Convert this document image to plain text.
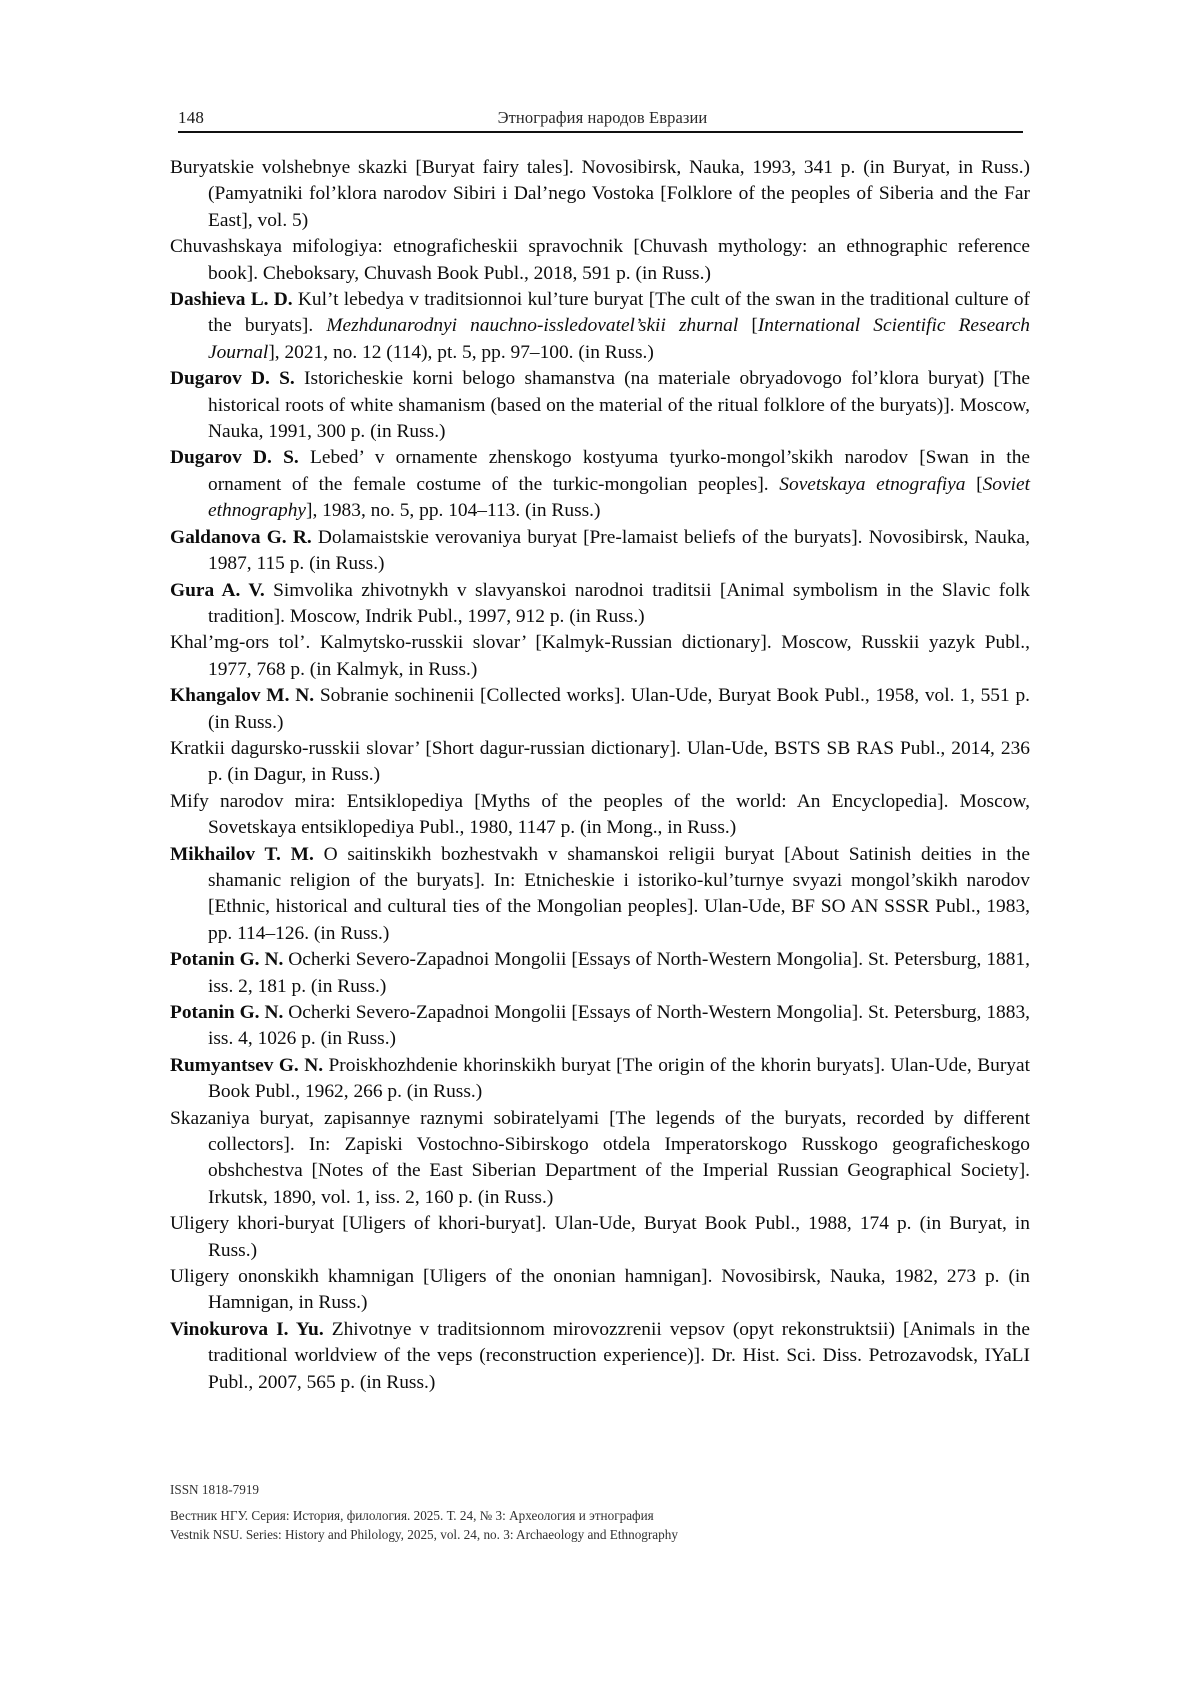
148	Этнография народов Евразии

Buryatskie volshebnye skazki [Buryat fairy tales]. Novosibirsk, Nauka, 1993, 341 p. (in Buryat, in Russ.) (Pamyatniki fol’klora narodov Sibiri i Dal’nego Vostoka [Folklore of the peoples of Siberia and the Far East], vol. 5)

Chuvashskaya mifologiya: etnograficheskii spravochnik [Chuvash mythology: an ethnographic reference book]. Cheboksary, Chuvash Book Publ., 2018, 591 p. (in Russ.)

Dashieva L. D. Kul’t lebedya v traditsionnoi kul’ture buryat [The cult of the swan in the traditional culture of the buryats]. Mezhdunarodnyi nauchno-issledovatel’skii zhurnal [International Scientific Research Journal], 2021, no. 12 (114), pt. 5, pp. 97–100. (in Russ.)

Dugarov D. S. Istoricheskie korni belogo shamanstva (na materiale obryadovogo fol’klora buryat) [The historical roots of white shamanism (based on the material of the ritual folklore of the buryats)]. Moscow, Nauka, 1991, 300 p. (in Russ.)

Dugarov D. S. Lebed’ v ornamente zhenskogo kostyuma tyurko-mongol’skikh narodov [Swan in the ornament of the female costume of the turkic-mongolian peoples]. Sovetskaya etnografiya [Soviet ethnography], 1983, no. 5, pp. 104–113. (in Russ.)

Galdanova G. R. Dolamaistskie verovaniya buryat [Pre-lamaist beliefs of the buryats]. Novosibirsk, Nauka, 1987, 115 p. (in Russ.)

Gura A. V. Simvolika zhivotnykh v slavyanskoi narodnoi traditsii [Animal symbolism in the Slavic folk tradition]. Moscow, Indrik Publ., 1997, 912 p. (in Russ.)

Khal’mg-ors tol’. Kalmytsko-russkii slovar’ [Kalmyk-Russian dictionary]. Moscow, Russkii yazyk Publ., 1977, 768 p. (in Kalmyk, in Russ.)

Khangalov M. N. Sobranie sochinenii [Collected works]. Ulan-Ude, Buryat Book Publ., 1958, vol. 1, 551 p. (in Russ.)

Kratkii dagursko-russkii slovar’ [Short dagur-russian dictionary]. Ulan-Ude, BSTS SB RAS Publ., 2014, 236 p. (in Dagur, in Russ.)

Mify narodov mira: Entsiklopediya [Myths of the peoples of the world: An Encyclopedia]. Moscow, Sovetskaya entsiklopediya Publ., 1980, 1147 p. (in Mong., in Russ.)

Mikhailov T. M. O saitinskikh bozhestvakh v shamanskoi religii buryat [About Satinish deities in the shamanic religion of the buryats]. In: Etnicheskie i istoriko-kul’turnye svyazi mongol’skikh narodov [Ethnic, historical and cultural ties of the Mongolian peoples]. Ulan-Ude, BF SO AN SSSR Publ., 1983, pp. 114–126. (in Russ.)

Potanin G. N. Ocherki Severo-Zapadnoi Mongolii [Essays of North-Western Mongolia]. St. Petersburg, 1881, iss. 2, 181 p. (in Russ.)

Potanin G. N. Ocherki Severo-Zapadnoi Mongolii [Essays of North-Western Mongolia]. St. Petersburg, 1883, iss. 4, 1026 p. (in Russ.)

Rumyantsev G. N. Proiskhozhdenie khorinskikh buryat [The origin of the khorin buryats]. Ulan-Ude, Buryat Book Publ., 1962, 266 p. (in Russ.)

Skazaniya buryat, zapisannye raznymi sobiratelyami [The legends of the buryats, recorded by different collectors]. In: Zapiski Vostochno-Sibirskogo otdela Imperatorskogo Russkogo geograficheskogo obshchestva [Notes of the East Siberian Department of the Imperial Russian Geographical Society]. Irkutsk, 1890, vol. 1, iss. 2, 160 p. (in Russ.)

Uligery khori-buryat [Uligers of khori-buryat]. Ulan-Ude, Buryat Book Publ., 1988, 174 p. (in Buryat, in Russ.)

Uligery ononskikh khamnigan [Uligers of the ononian hamnigan]. Novosibirsk, Nauka, 1982, 273 p. (in Hamnigan, in Russ.)

Vinokurova I. Yu. Zhivotnye v traditsionnom mirovozzrenii vepsov (opyt rekonstruktsii) [Animals in the traditional worldview of the veps (reconstruction experience)]. Dr. Hist. Sci. Diss. Petrozavodsk, IYaLI Publ., 2007, 565 p. (in Russ.)

ISSN 1818-7919
Вестник НГУ. Серия: История, филология. 2025. Т. 24, № 3: Археология и этнография
Vestnik NSU. Series: History and Philology, 2025, vol. 24, no. 3: Archaeology and Ethnography
